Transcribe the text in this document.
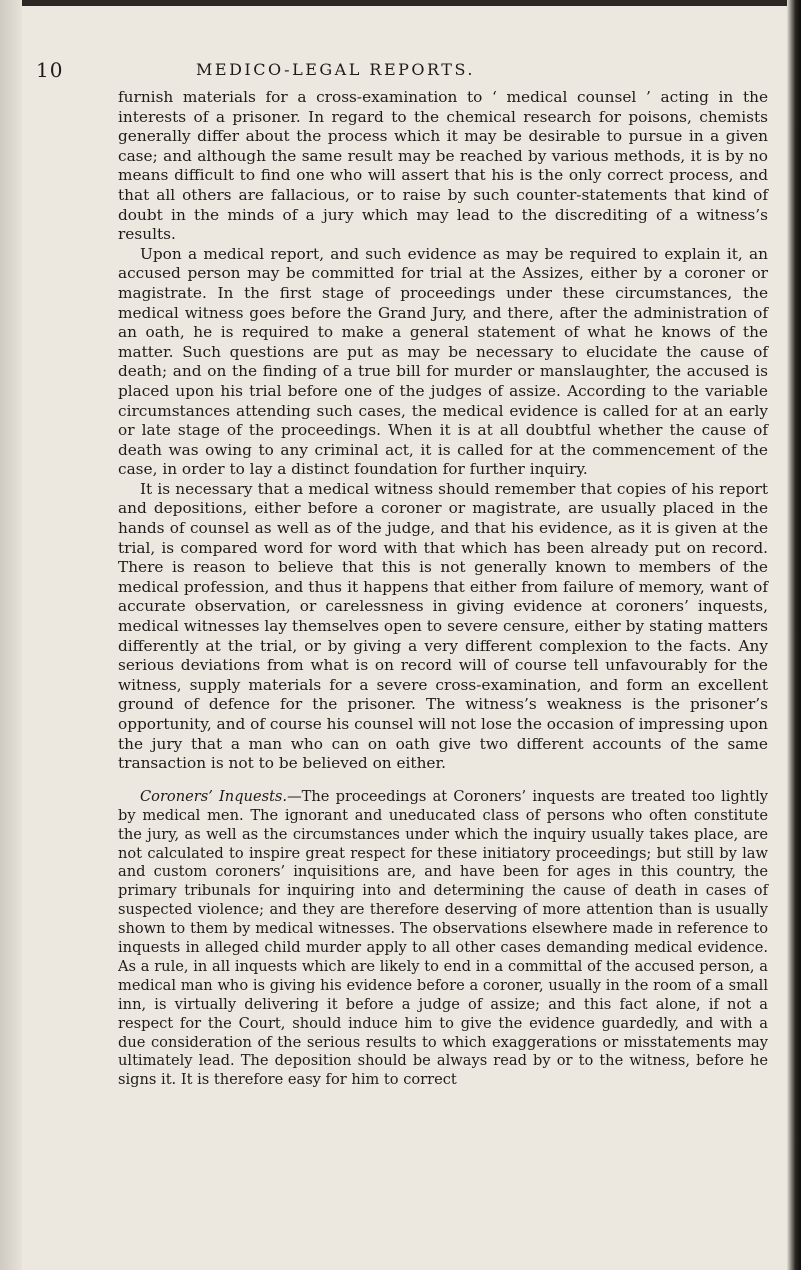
10	MEDICO-LEGAL REPORTS.

furnish materials for a cross-examination to ‘ medical counsel ’ acting in the interests of a prisoner. In regard to the chemical research for poisons, chemists generally differ about the process which it may be desirable to pursue in a given case; and although the same result may be reached by various methods, it is by no means difficult to find one who will assert that his is the only correct process, and that all others are fallacious, or to raise by such counter-statements that kind of doubt in the minds of a jury which may lead to the discrediting of a witness’s results.

Upon a medical report, and such evidence as may be required to explain it, an accused person may be committed for trial at the Assizes, either by a coroner or magistrate. In the first stage of proceedings under these circumstances, the medical witness goes before the Grand Jury, and there, after the administration of an oath, he is required to make a general statement of what he knows of the matter. Such questions are put as may be necessary to elucidate the cause of death; and on the finding of a true bill for murder or manslaughter, the accused is placed upon his trial before one of the judges of assize. According to the variable circumstances attending such cases, the medical evidence is called for at an early or late stage of the proceedings. When it is at all doubtful whether the cause of death was owing to any criminal act, it is called for at the commencement of the case, in order to lay a distinct foundation for further inquiry.

It is necessary that a medical witness should remember that copies of his report and depositions, either before a coroner or magistrate, are usually placed in the hands of counsel as well as of the judge, and that his evidence, as it is given at the trial, is compared word for word with that which has been already put on record. There is reason to believe that this is not generally known to members of the medical profession, and thus it happens that either from failure of memory, want of accurate observation, or carelessness in giving evidence at coroners’ inquests, medical witnesses lay themselves open to severe censure, either by stating matters differently at the trial, or by giving a very different complexion to the facts. Any serious deviations from what is on record will of course tell unfavourably for the witness, supply materials for a severe cross-examination, and form an excellent ground of defence for the prisoner. The witness’s weakness is the prisoner’s opportunity, and of course his counsel will not lose the occasion of impressing upon the jury that a man who can on oath give two different accounts of the same transaction is not to be believed on either.

Coroners’ Inquests.—The proceedings at Coroners’ inquests are treated too lightly by medical men. The ignorant and uneducated class of persons who often constitute the jury, as well as the circumstances under which the inquiry usually takes place, are not calculated to inspire great respect for these initiatory proceedings; but still by law and custom coroners’ inquisitions are, and have been for ages in this country, the primary tribunals for inquiring into and determining the cause of death in cases of suspected violence; and they are therefore deserving of more attention than is usually shown to them by medical witnesses. The observations elsewhere made in reference to inquests in alleged child murder apply to all other cases demanding medical evidence. As a rule, in all inquests which are likely to end in a committal of the accused person, a medical man who is giving his evidence before a coroner, usually in the room of a small inn, is virtually delivering it before a judge of assize; and this fact alone, if not a respect for the Court, should induce him to give the evidence guardedly, and with a due consideration of the serious results to which exaggerations or misstatements may ultimately lead. The deposition should be always read by or to the witness, before he signs it. It is therefore easy for him to correct
